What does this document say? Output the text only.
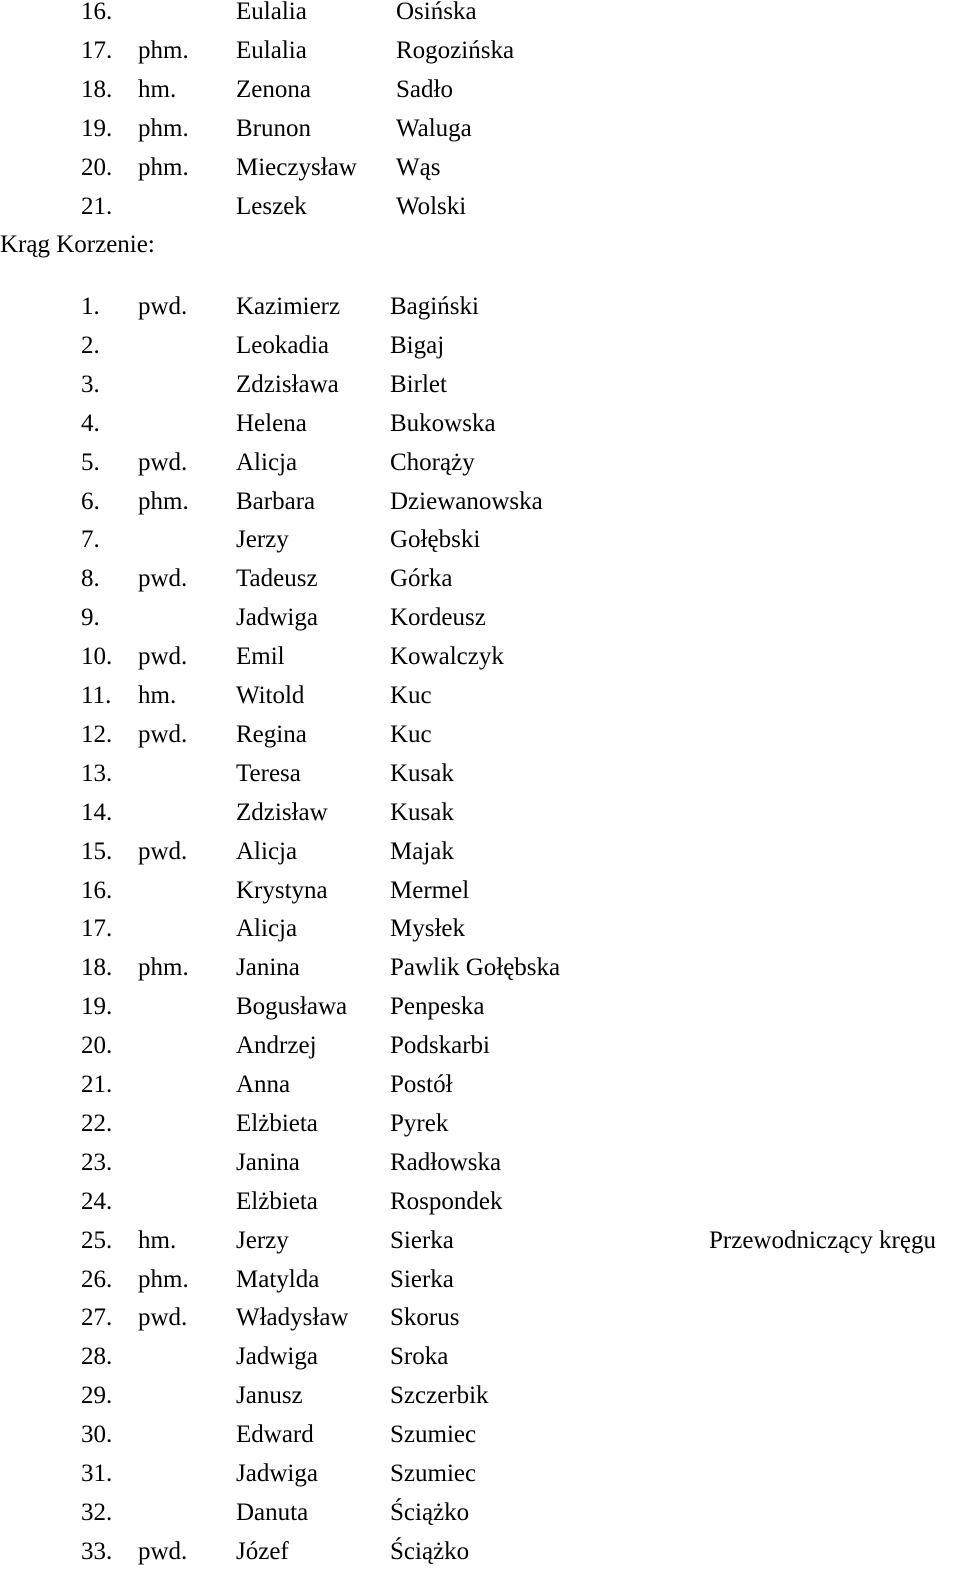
16.	Eulalia	Osińska
17. phm. Eulalia	Rogozińska
18. hm. Zenona	Sadło
19. phm. Brunon	Waluga
20. phm. Mieczysław Wąs
21.	Leszek	Wolski
Krąg Korzenie:
1. pwd. Kazimierz Bagiński
2.	Leokadia Bigaj
3.	Zdzisława Birlet
4.	Helena	Bukowska
5. pwd. Alicja	Chorąży
6. phm. Barbara	Dziewanowska
7.	Jerzy	Gołębski
8. pwd. Tadeusz	Górka
9.	Jadwiga	Kordeusz
10. pwd. Emil	Kowalczyk
11. hm. Witold	Kuc
12. pwd. Regina	Kuc
13.	Teresa	Kusak
14.	Zdzisław Kusak
15. pwd. Alicja	Majak
16.	Krystyna Mermel
17.	Alicja	Mysłek
18. phm. Janina	Pawlik Gołębska
19.	Bogusława Penpeska
20.	Andrzej	Podskarbi
21.	Anna	Postół
22.	Elżbieta	Pyrek
23.	Janina	Radłowska
24.	Elżbieta	Rospondek
25. hm. Jerzy	Sierka	Przewodniczący kręgu
26. phm. Matylda	Sierka
27. pwd. Władysław Skorus
28.	Jadwiga	Sroka
29.	Janusz	Szczerbik
30.	Edward	Szumiec
31.	Jadwiga	Szumiec
32.	Danuta	Ściążko
33. pwd. Józef	Ściążko
